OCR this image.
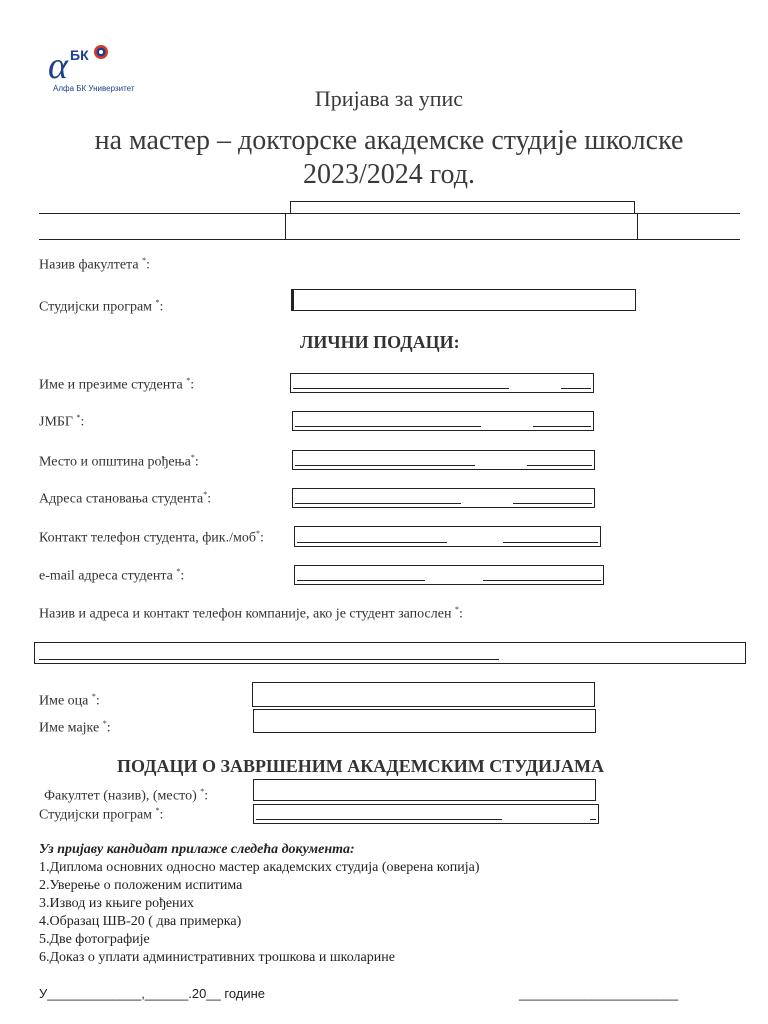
α БК
Алфа БК Универзитет	Пријава за упис
на мастер – докторске академске студије школске
2023/2024 год.
Назив факултета *:
Студијски програм *:
ЛИЧНИ ПОДАЦИ:
Име и презиме студента *:
ЈМБГ *:
Место и општина рођења*:
Адреса становања студента*:
Контакт телефон студента, фик./моб*:
e-mail адреса студента *:
Назив и адреса и контакт телефон компаније, ако је студент запослен *:
Име оца *:
Име мајке *:
ПОДАЦИ О ЗАВРШЕНИМ АКАДЕМСКИМ СТУДИЈАМА
Факултет (назив), (место) *:
Студијски програм *:
Уз пријаву кандидат прилаже следећа документа:
1.Диплома основних односно мастер академских студија (оверена копија)
2.Уверење о положеним испитима
3.Извод из књиге рођених
4.Образац ШВ-20 ( два примерка)
5.Две фотографије
6.Доказ о уплати административних трошкова и школарине
У_____________,______.20__ године	______________________
